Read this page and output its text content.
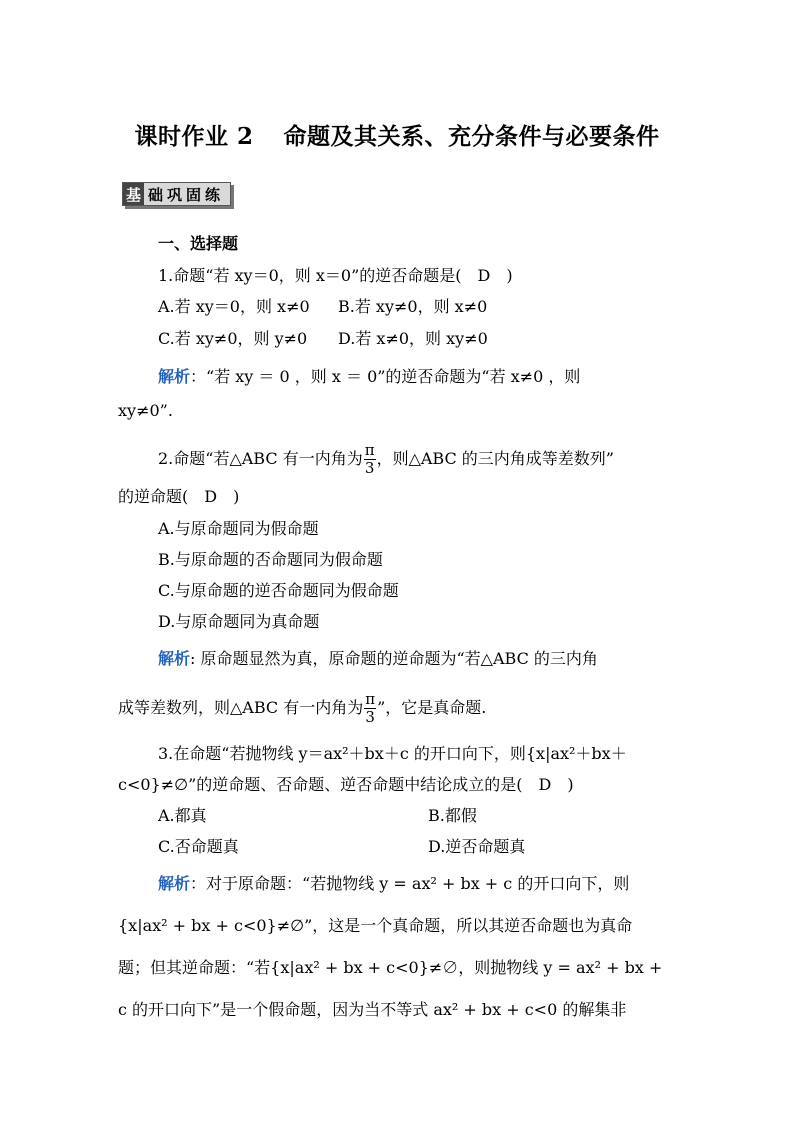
课时作业 2 命题及其关系、充分条件与必要条件
基 础巩固练
一、选择题
1.命题“若 xy＝0，则 x＝0”的逆否命题是(　D　)
A.若 xy＝0，则 x≠0 B.若 xy≠0，则 x≠0
C.若 xy≠0，则 y≠0 D.若 x≠0，则 xy≠0
解析：“若 xy ＝ 0 ，则 x ＝ 0”的逆否命题为“若 x≠0 ，则
xy≠0”.
2.命题“若△ABC 有一内角为 $\frac{\pi}{3}$ ，则△ABC 的三内角成等差数列”
的逆命题(　D　)
A.与原命题同为假命题
B.与原命题的否命题同为假命题
C.与原命题的逆否命题同为假命题
D.与原命题同为真命题
解析: 原命题显然为真，原命题的逆命题为“若△ABC 的三内角
成等差数列，则△ABC 有一内角为 $\frac{\pi}{3}$ ”，它是真命题.
3.在命题“若抛物线 y＝ax²＋bx＋c 的开口向下，则{x|ax²＋bx＋
c<0}≠∅”的逆命题、否命题、逆否命题中结论成立的是(　D　)
A.都真	B.都假
C.否命题真	D.逆否命题真
解析：对于原命题：“若抛物线 y = ax² + bx + c 的开口向下，则
{x|ax² + bx + c<0}≠∅”，这是一个真命题，所以其逆否命题也为真命
题；但其逆命题：“若{x|ax² + bx + c<0}≠∅，则抛物线 y = ax² + bx +
c 的开口向下”是一个假命题，因为当不等式 ax² + bx + c<0 的解集非
